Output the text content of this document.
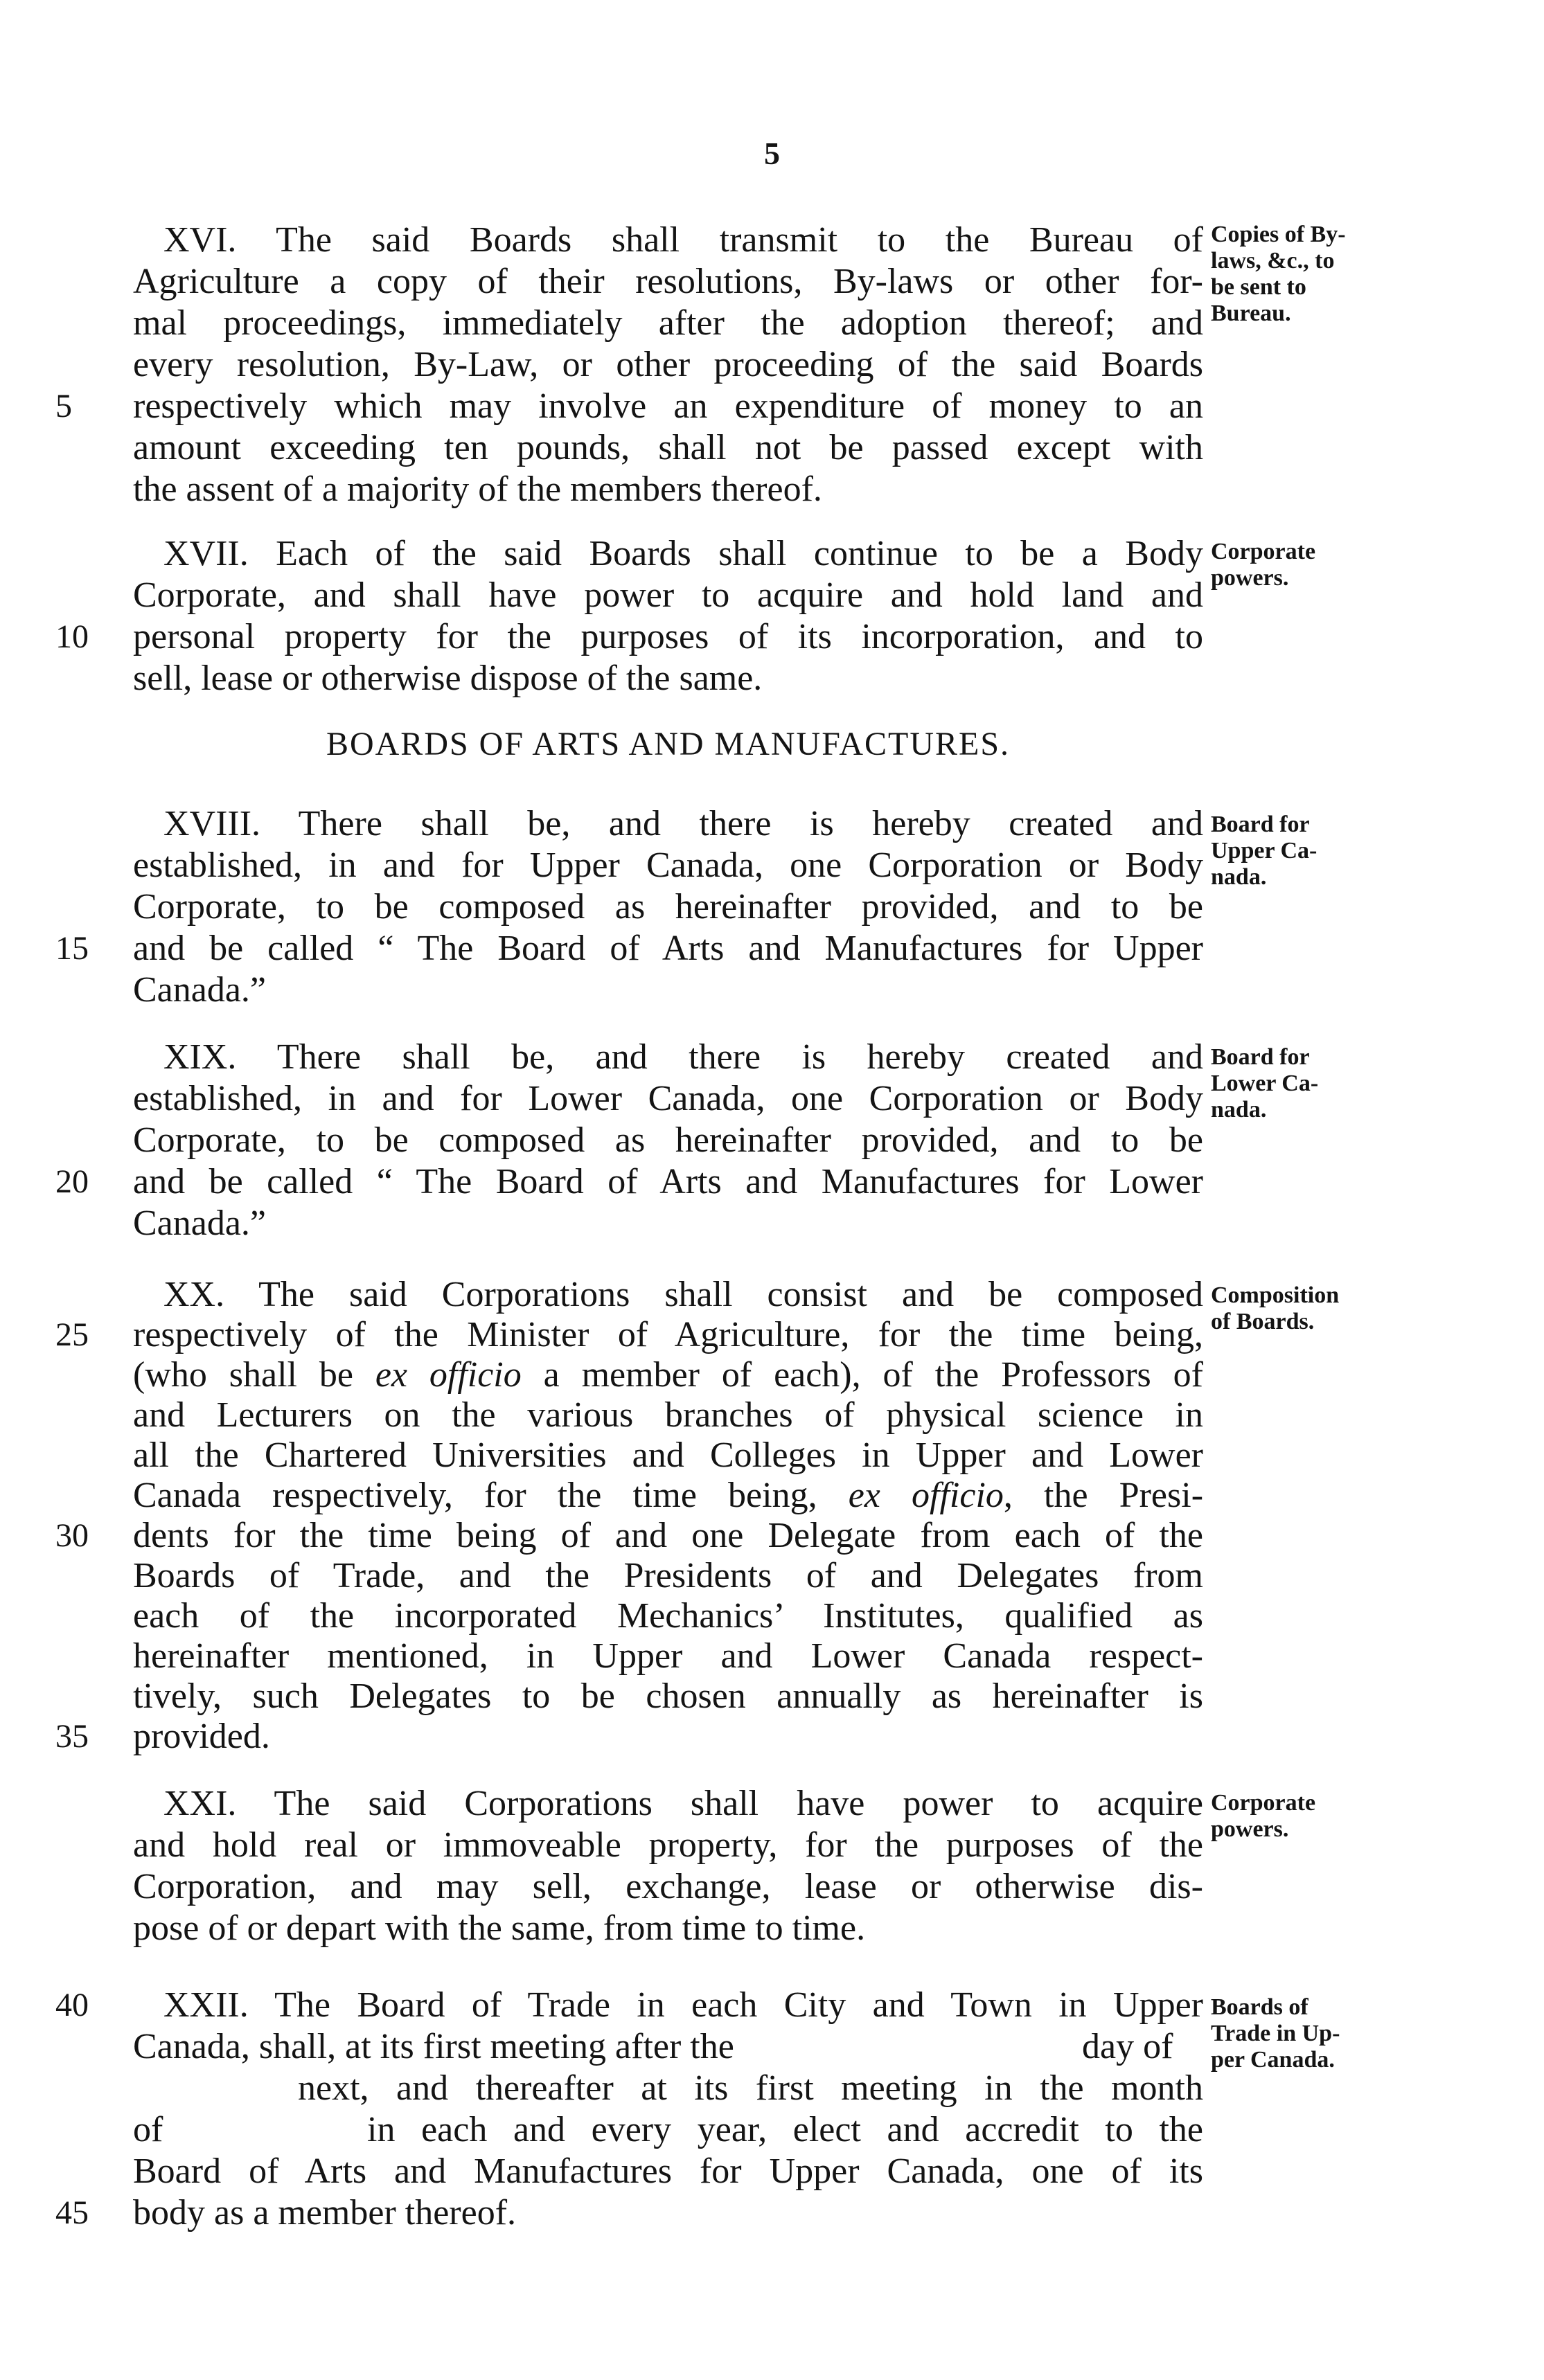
5
XVI. The said Boards shall transmit to the Bureau of
Agriculture a copy of their resolutions, By-laws or other for-
mal proceedings, immediately after the adoption thereof; and
every resolution, By-Law, or other proceeding of the said Boards
respectively which may involve an expenditure of money to an
amount exceeding ten pounds, shall not be passed except with
the assent of a majority of the members thereof.
Copies of By-
laws, &c., to
be sent to
Bureau.
5
XVII. Each of the said Boards shall continue to be a Body
Corporate, and shall have power to acquire and hold land and
personal property for the purposes of its incorporation, and to
sell, lease or otherwise dispose of the same.
Corporate
powers.
10
BOARDS OF ARTS AND MANUFACTURES.
XVIII. There shall be, and there is hereby created and
established, in and for Upper Canada, one Corporation or Body
Corporate, to be composed as hereinafter provided, and to be
and be called “ The Board of Arts and Manufactures for Upper
Canada.”
Board for
Upper Ca-
nada.
15
XIX. There shall be, and there is hereby created and
established, in and for Lower Canada, one Corporation or Body
Corporate, to be composed as hereinafter provided, and to be
and be called “ The Board of Arts and Manufactures for Lower
Canada.”
Board for
Lower Ca-
nada.
20
XX. The said Corporations shall consist and be composed
respectively of the Minister of Agriculture, for the time being,
(who shall be ex officio a member of each), of the Professors of
and Lecturers on the various branches of physical science in
all the Chartered Universities and Colleges in Upper and Lower
Canada respectively, for the time being, ex officio, the Presi-
dents for the time being of and one Delegate from each of the
Boards of Trade, and the Presidents of and Delegates from
each of the incorporated Mechanics’ Institutes, qualified as
hereinafter mentioned, in Upper and Lower Canada respect-
tively, such Delegates to be chosen annually as hereinafter is
provided.
Composition
of Boards.
25
30
35
XXI. The said Corporations shall have power to acquire
and hold real or immoveable property, for the purposes of the
Corporation, and may sell, exchange, lease or otherwise dis-
pose of or depart with the same, from time to time.
Corporate
powers.
XXII. The Board of Trade in each City and Town in Upper
Canada, shall, at its first meeting after the	day of
next, and thereafter at its first meeting in the month
of	in each and every year, elect and accredit to the
Board of Arts and Manufactures for Upper Canada, one of its
body as a member thereof.
Boards of
Trade in Up-
per Canada.
40
45
